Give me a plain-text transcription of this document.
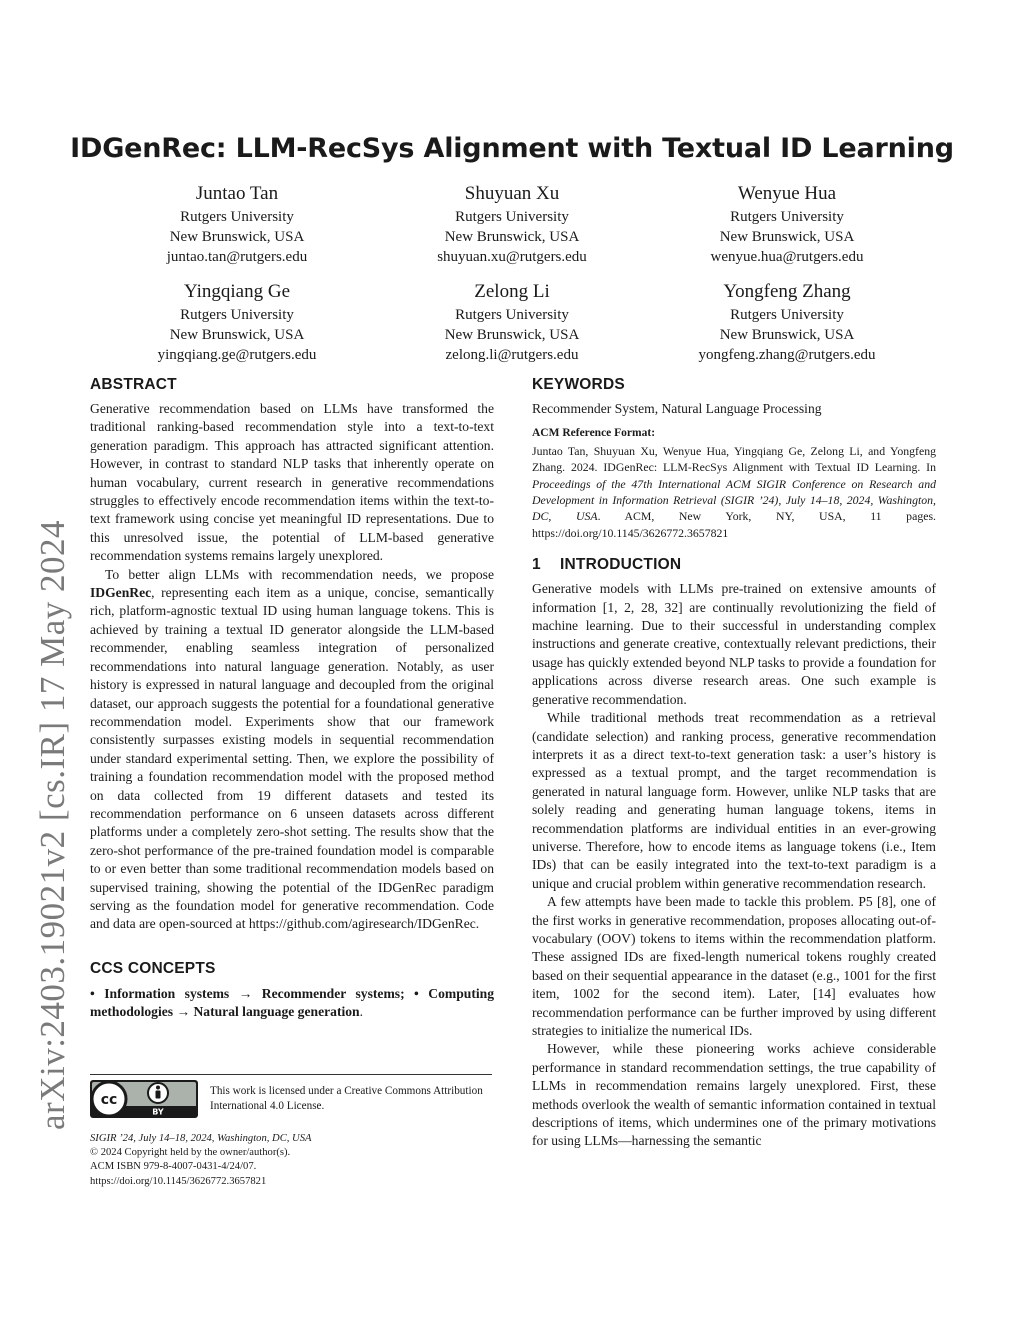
arXiv:2403.19021v2 [cs.IR] 17 May 2024
IDGenRec: LLM-RecSys Alignment with Textual ID Learning
Juntao Tan
Rutgers University
New Brunswick, USA
juntao.tan@rutgers.edu
Shuyuan Xu
Rutgers University
New Brunswick, USA
shuyuan.xu@rutgers.edu
Wenyue Hua
Rutgers University
New Brunswick, USA
wenyue.hua@rutgers.edu
Yingqiang Ge
Rutgers University
New Brunswick, USA
yingqiang.ge@rutgers.edu
Zelong Li
Rutgers University
New Brunswick, USA
zelong.li@rutgers.edu
Yongfeng Zhang
Rutgers University
New Brunswick, USA
yongfeng.zhang@rutgers.edu
ABSTRACT

Generative recommendation based on LLMs have transformed the traditional ranking-based recommendation style into a text-to-text generation paradigm. This approach has attracted significant attention. However, in contrast to standard NLP tasks that inherently operate on human vocabulary, current research in generative recommendations struggles to effectively encode recommendation items within the text-to-text framework using concise yet meaningful ID representations. Due to this unresolved issue, the potential of LLM-based generative recommendation systems remains largely unexplored.

To better align LLMs with recommendation needs, we propose IDGenRec, representing each item as a unique, concise, semantically rich, platform-agnostic textual ID using human language tokens. This is achieved by training a textual ID generator alongside the LLM-based recommender, enabling seamless integration of personalized recommendations into natural language generation. Notably, as user history is expressed in natural language and decoupled from the original dataset, our approach suggests the potential for a foundational generative recommendation model. Experiments show that our framework consistently surpasses existing models in sequential recommendation under standard experimental setting. Then, we explore the possibility of training a foundation recommendation model with the proposed method on data collected from 19 different datasets and tested its recommendation performance on 6 unseen datasets across different platforms under a completely zero-shot setting. The results show that the zero-shot performance of the pre-trained foundation model is comparable to or even better than some traditional recommendation models based on supervised training, showing the potential of the IDGenRec paradigm serving as the foundation model for generative recommendation. Code and data are open-sourced at https://github.com/agiresearch/IDGenRec.

CCS CONCEPTS

• Information systems → Recommender systems; • Computing methodologies → Natural language generation.

cc
BY
This work is licensed under a Creative Commons Attribution International 4.0 License.
SIGIR ’24, July 14–18, 2024, Washington, DC, USA
© 2024 Copyright held by the owner/author(s).
ACM ISBN 979-8-4007-0431-4/24/07.
https://doi.org/10.1145/3626772.3657821
KEYWORDS

Recommender System, Natural Language Processing

ACM Reference Format:

Juntao Tan, Shuyuan Xu, Wenyue Hua, Yingqiang Ge, Zelong Li, and Yongfeng Zhang. 2024. IDGenRec: LLM-RecSys Alignment with Textual ID Learning. In Proceedings of the 47th International ACM SIGIR Conference on Research and Development in Information Retrieval (SIGIR ’24), July 14–18, 2024, Washington, DC, USA. ACM, New York, NY, USA, 11 pages. https://doi.org/10.1145/3626772.3657821

1 INTRODUCTION

Generative models with LLMs pre-trained on extensive amounts of information [1, 2, 28, 32] are continually revolutionizing the field of machine learning. Due to their successful in understanding complex instructions and generate creative, contextually relevant predictions, their usage has quickly extended beyond NLP tasks to provide a foundation for applications across diverse research areas. One such example is generative recommendation.

While traditional methods treat recommendation as a retrieval (candidate selection) and ranking process, generative recommendation interprets it as a direct text-to-text generation task: a user’s history is expressed as a textual prompt, and the target recommendation is generated in natural language form. However, unlike NLP tasks that are solely reading and generating human language tokens, items in recommendation platforms are individual entities in an ever-growing universe. Therefore, how to encode items as language tokens (i.e., Item IDs) that can be easily integrated into the text-to-text paradigm is a unique and crucial problem within generative recommendation research.

A few attempts have been made to tackle this problem. P5 [8], one of the first works in generative recommendation, proposes allocating out-of-vocabulary (OOV) tokens to items within the recommendation platform. These assigned IDs are fixed-length numerical tokens roughly created based on their sequential appearance in the dataset (e.g., 1001 for the first item, 1002 for the second item). Later, [14] evaluates how recommendation performance can be further improved by using different strategies to initialize the numerical IDs.

However, while these pioneering works achieve considerable performance in standard recommendation settings, the true capability of LLMs in recommendation remains largely unexplored. First, these methods overlook the wealth of semantic information contained in textual descriptions of items, which undermines one of the primary motivations for using LLMs—harnessing the semantic
